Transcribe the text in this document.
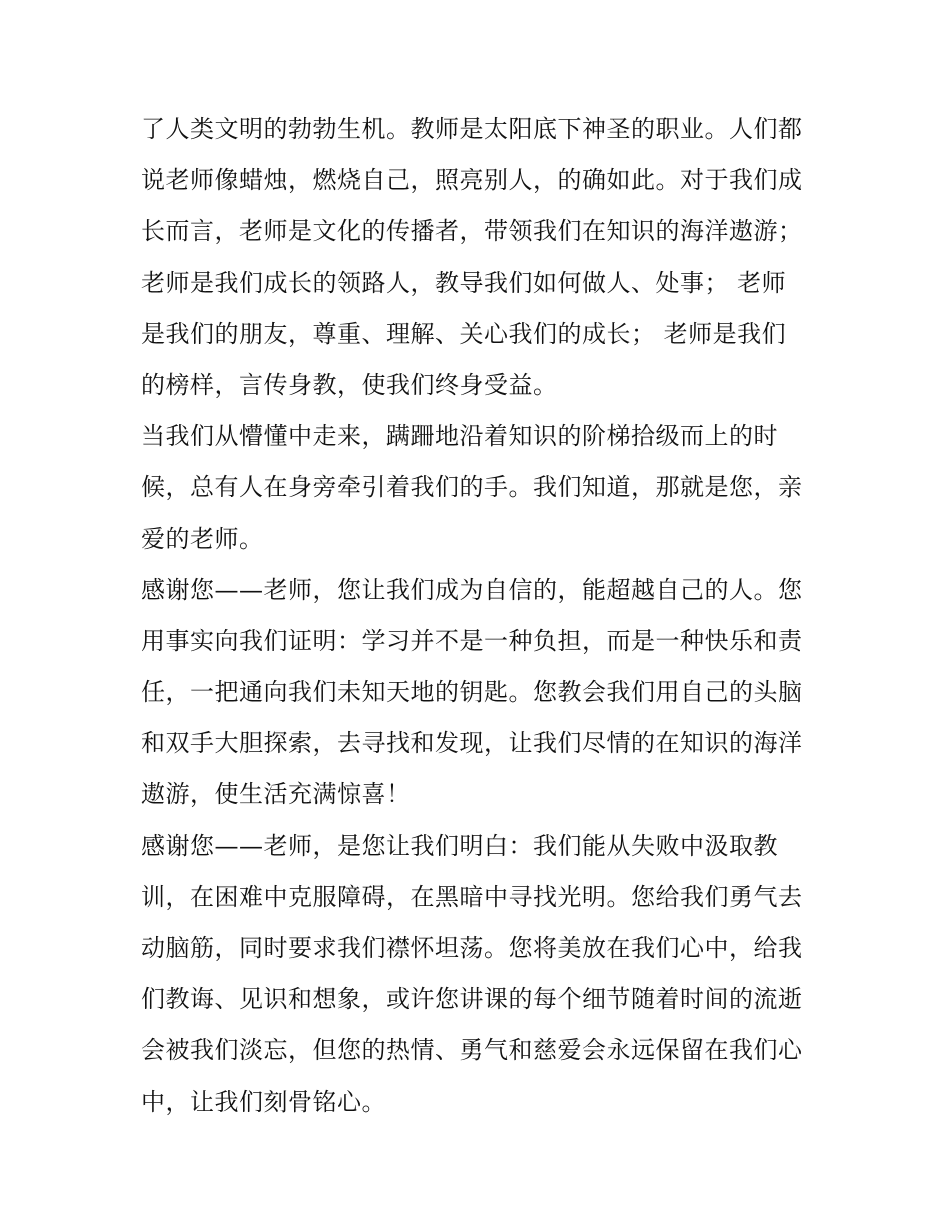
了人类文明的勃勃生机。教师是太阳底下神圣的职业。人们都
说老师像蜡烛，燃烧自己，照亮别人，的确如此。对于我们成
长而言，老师是文化的传播者，带领我们在知识的海洋遨游；
老师是我们成长的领路人，教导我们如何做人、处事； 老师
是我们的朋友，尊重、理解、关心我们的成长； 老师是我们
的榜样，言传身教，使我们终身受益。
当我们从懵懂中走来，蹒跚地沿着知识的阶梯拾级而上的时
候，总有人在身旁牵引着我们的手。我们知道，那就是您，亲
爱的老师。
感谢您——老师，您让我们成为自信的，能超越自己的人。您
用事实向我们证明：学习并不是一种负担，而是一种快乐和责
任，一把通向我们未知天地的钥匙。您教会我们用自己的头脑
和双手大胆探索，去寻找和发现，让我们尽情的在知识的海洋
遨游，使生活充满惊喜！
感谢您——老师，是您让我们明白：我们能从失败中汲取教
训，在困难中克服障碍，在黑暗中寻找光明。您给我们勇气去
动脑筋，同时要求我们襟怀坦荡。您将美放在我们心中，给我
们教诲、见识和想象，或许您讲课的每个细节随着时间的流逝
会被我们淡忘，但您的热情、勇气和慈爱会永远保留在我们心
中，让我们刻骨铭心。
